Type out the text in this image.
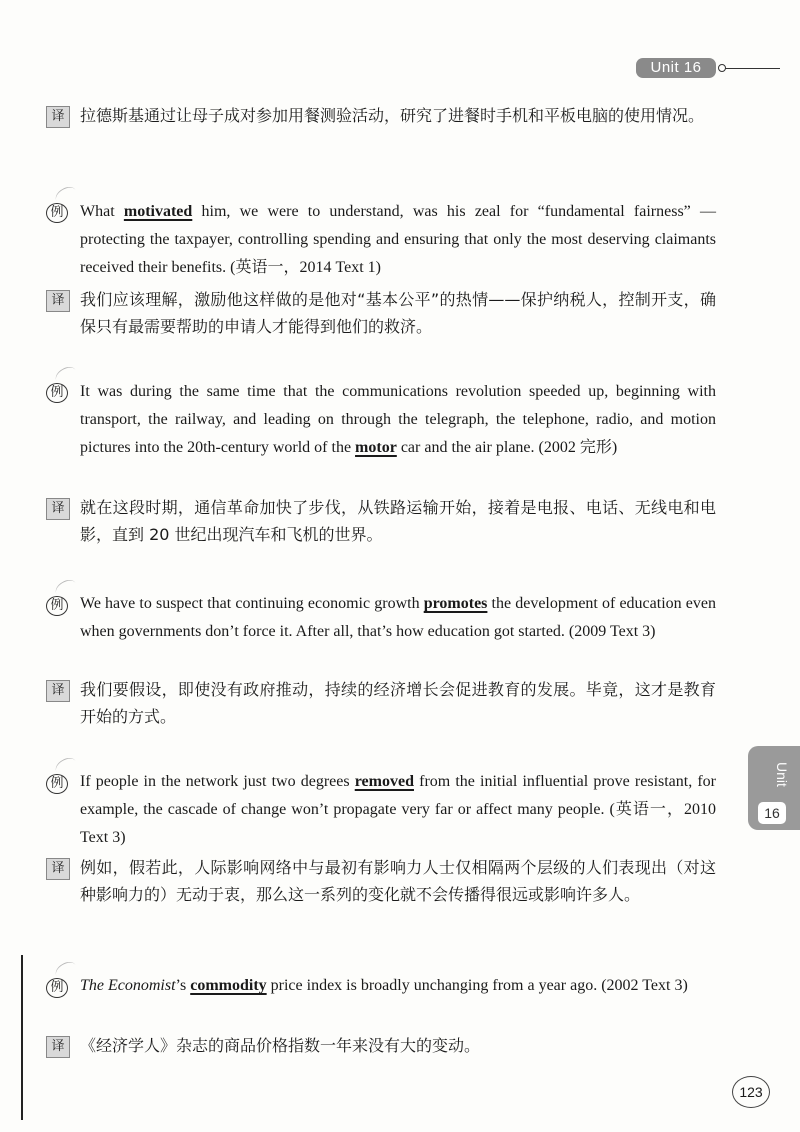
Unit 16
Unit
16
译 拉德斯基通过让母子成对参加用餐测验活动，研究了进餐时手机和平板电脑的使用情况。

例 What motivated him, we were to understand, was his zeal for “fundamental fairness” — protecting the taxpayer, controlling spending and ensuring that only the most deserving claimants received their benefits. (英语一，2014 Text 1)

译 我们应该理解，激励他这样做的是他对“基本公平”的热情——保护纳税人，控制开支，确保只有最需要帮助的申请人才能得到他们的救济。

例 It was during the same time that the communications revolution speeded up, beginning with transport, the railway, and leading on through the telegraph, the telephone, radio, and motion pictures into the 20th-century world of the motor car and the air plane. (2002 完形)

译 就在这段时期，通信革命加快了步伐，从铁路运输开始，接着是电报、电话、无线电和电影，直到 20 世纪出现汽车和飞机的世界。

例 We have to suspect that continuing economic growth promotes the development of education even when governments don’t force it. After all, that’s how education got started. (2009 Text 3)

译 我们要假设，即使没有政府推动，持续的经济增长会促进教育的发展。毕竟，这才是教育开始的方式。

例 If people in the network just two degrees removed from the initial influential prove resistant, for example, the cascade of change won’t propagate very far or affect many people. (英语一，2010 Text 3)

译 例如，假若此，人际影响网络中与最初有影响力人士仅相隔两个层级的人们表现出（对这种影响力的）无动于衷，那么这一系列的变化就不会传播得很远或影响许多人。

例 The Economist’s commodity price index is broadly unchanging from a year ago. (2002 Text 3)

译 《经济学人》杂志的商品价格指数一年来没有大的变动。

123
